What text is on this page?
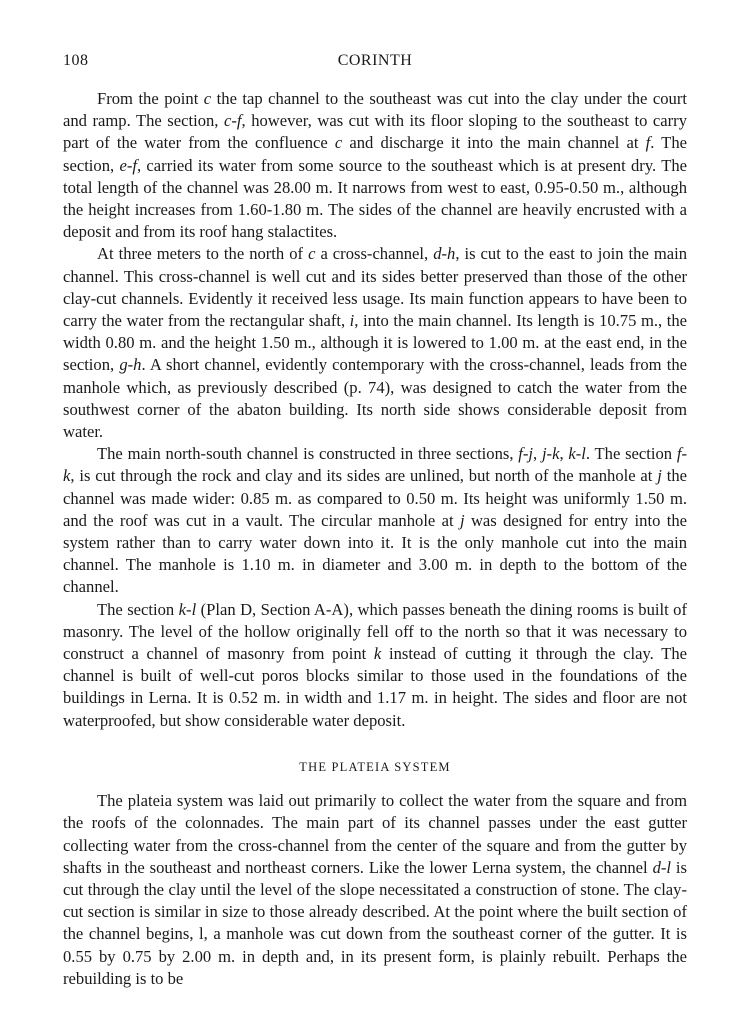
108	CORINTH

From the point c the tap channel to the southeast was cut into the clay under the court and ramp. The section, c-f, however, was cut with its floor sloping to the southeast to carry part of the water from the confluence c and discharge it into the main channel at f. The section, e-f, carried its water from some source to the southeast which is at present dry. The total length of the channel was 28.00 m. It narrows from west to east, 0.95-0.50 m., although the height increases from 1.60-1.80 m. The sides of the channel are heavily encrusted with a deposit and from its roof hang stalactites.

At three meters to the north of c a cross-channel, d-h, is cut to the east to join the main channel. This cross-channel is well cut and its sides better preserved than those of the other clay-cut channels. Evidently it received less usage. Its main function appears to have been to carry the water from the rectangular shaft, i, into the main channel. Its length is 10.75 m., the width 0.80 m. and the height 1.50 m., although it is lowered to 1.00 m. at the east end, in the section, g-h. A short channel, evidently contemporary with the cross-channel, leads from the manhole which, as previously described (p. 74), was designed to catch the water from the southwest corner of the abaton building. Its north side shows considerable deposit from water.

The main north-south channel is constructed in three sections, f-j, j-k, k-l. The section f-k, is cut through the rock and clay and its sides are unlined, but north of the manhole at j the channel was made wider: 0.85 m. as compared to 0.50 m. Its height was uniformly 1.50 m. and the roof was cut in a vault. The circular manhole at j was designed for entry into the system rather than to carry water down into it. It is the only manhole cut into the main channel. The manhole is 1.10 m. in diameter and 3.00 m. in depth to the bottom of the channel.

The section k-l (Plan D, Section A-A), which passes beneath the dining rooms is built of masonry. The level of the hollow originally fell off to the north so that it was necessary to construct a channel of masonry from point k instead of cutting it through the clay. The channel is built of well-cut poros blocks similar to those used in the foundations of the buildings in Lerna. It is 0.52 m. in width and 1.17 m. in height. The sides and floor are not waterproofed, but show considerable water deposit.

THE PLATEIA SYSTEM

The plateia system was laid out primarily to collect the water from the square and from the roofs of the colonnades. The main part of its channel passes under the east gutter collecting water from the cross-channel from the center of the square and from the gutter by shafts in the southeast and northeast corners. Like the lower Lerna system, the channel d-l is cut through the clay until the level of the slope necessitated a construction of stone. The clay-cut section is similar in size to those already described. At the point where the built section of the channel begins, l, a manhole was cut down from the southeast corner of the gutter. It is 0.55 by 0.75 by 2.00 m. in depth and, in its present form, is plainly rebuilt. Perhaps the rebuilding is to be
